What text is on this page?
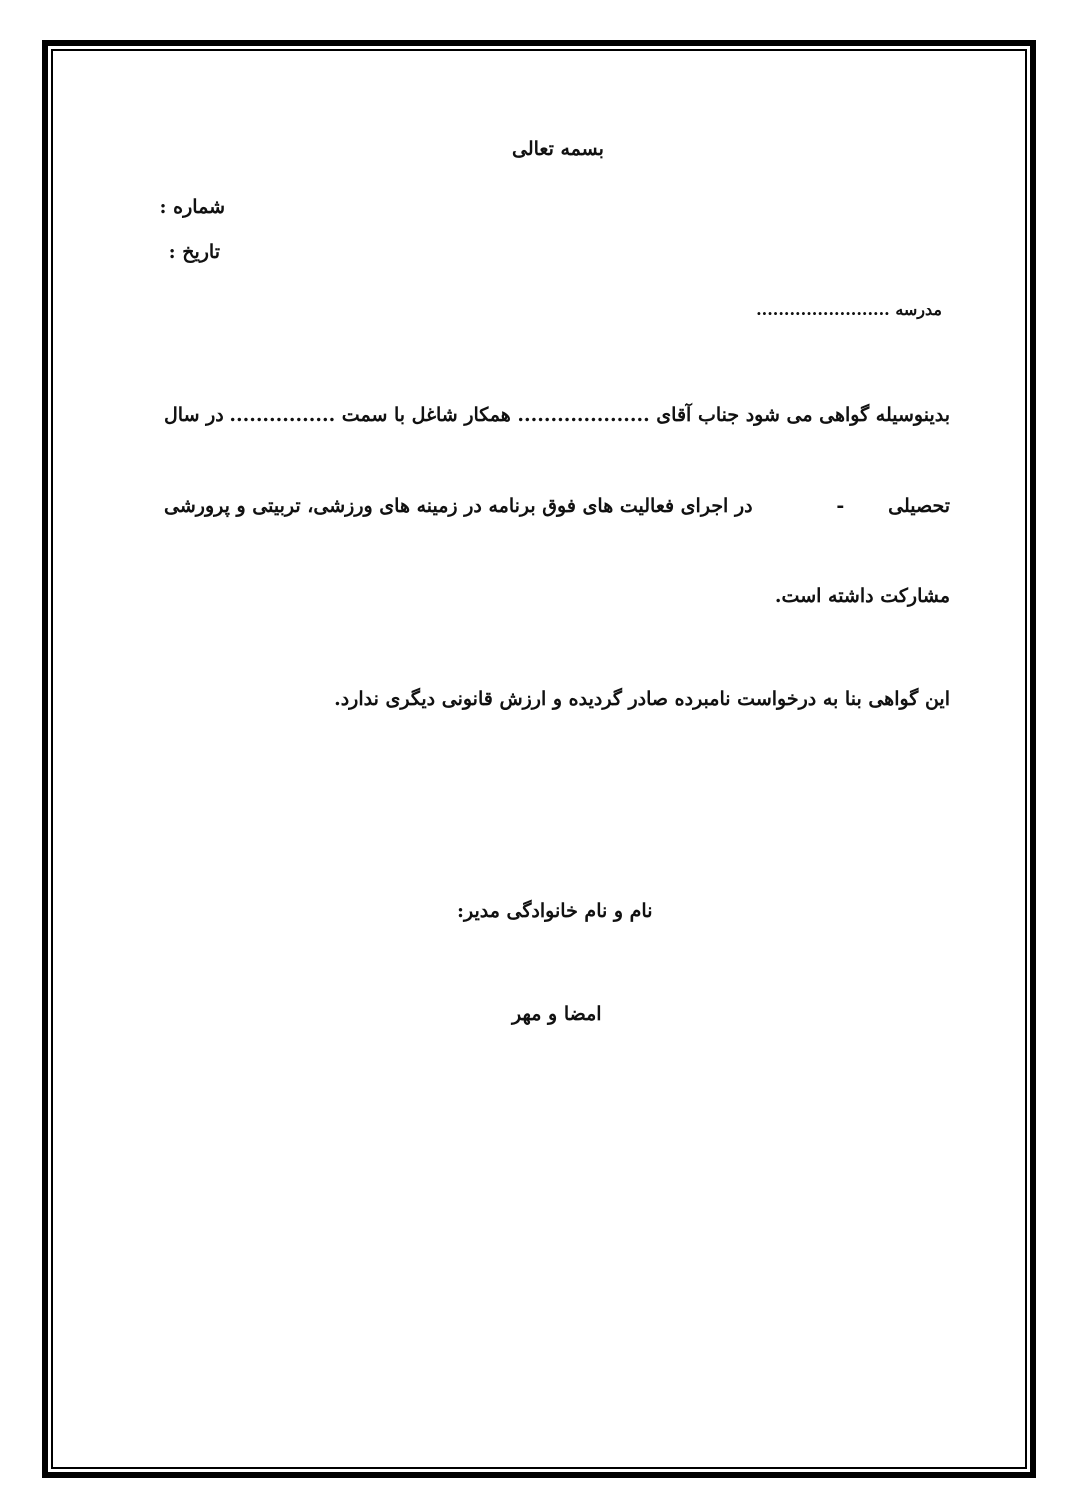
بسمه تعالی
شماره :
تاریخ :
مدرسه ........................
بدینوسیله گواهی می شود جناب آقای .................... همکار شاغل با سمت ................
در سال
تحصیلی
-
در اجرای فعالیت های فوق برنامه در زمینه های ورزشی، تربیتی و پرورشی
مشارکت داشته است.
این گواهی بنا به درخواست نامبرده صادر گردیده و ارزش قانونی دیگری ندارد.
نام و نام خانوادگی مدیر:
امضا و مهر
